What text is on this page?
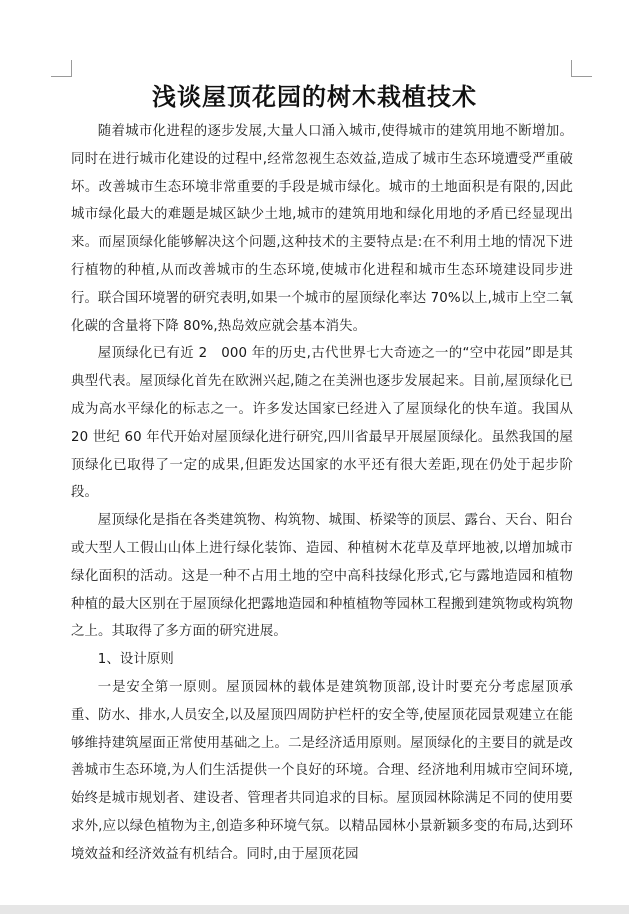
浅谈屋顶花园的树木栽植技术

随着城市化进程的逐步发展,大量人口涌入城市,使得城市的建筑用地不断增加。同时在进行城市化建设的过程中,经常忽视生态效益,造成了城市生态环境遭受严重破坏。改善城市生态环境非常重要的手段是城市绿化。城市的土地面积是有限的,因此城市绿化最大的难题是城区缺少土地,城市的建筑用地和绿化用地的矛盾已经显现出来。而屋顶绿化能够解决这个问题,这种技术的主要特点是:在不利用土地的情况下进行植物的种植,从而改善城市的生态环境,使城市化进程和城市生态环境建设同步进行。联合国环境署的研究表明,如果一个城市的屋顶绿化率达 70%以上,城市上空二氧化碳的含量将下降 80%,热岛效应就会基本消失。

屋顶绿化已有近 2　000 年的历史,古代世界七大奇迹之一的“空中花园”即是其典型代表。屋顶绿化首先在欧洲兴起,随之在美洲也逐步发展起来。目前,屋顶绿化已成为高水平绿化的标志之一。许多发达国家已经进入了屋顶绿化的快车道。我国从 20 世纪 60 年代开始对屋顶绿化进行研究,四川省最早开展屋顶绿化。虽然我国的屋顶绿化已取得了一定的成果,但距发达国家的水平还有很大差距,现在仍处于起步阶段。

屋顶绿化是指在各类建筑物、构筑物、城围、桥梁等的顶层、露台、天台、阳台或大型人工假山山体上进行绿化装饰、造园、种植树木花草及草坪地被,以增加城市绿化面积的活动。这是一种不占用土地的空中高科技绿化形式,它与露地造园和植物种植的最大区别在于屋顶绿化把露地造园和种植植物等园林工程搬到建筑物或构筑物之上。其取得了多方面的研究进展。

1、设计原则

一是安全第一原则。屋顶园林的载体是建筑物顶部,设计时要充分考虑屋顶承重、防水、排水,人员安全,以及屋顶四周防护栏杆的安全等,使屋顶花园景观建立在能够维持建筑屋面正常使用基础之上。二是经济适用原则。屋顶绿化的主要目的就是改善城市生态环境,为人们生活提供一个良好的环境。合理、经济地利用城市空间环境,始终是城市规划者、建设者、管理者共同追求的目标。屋顶园林除满足不同的使用要求外,应以绿色植物为主,创造多种环境气氛。以精品园林小景新颖多变的布局,达到环境效益和经济效益有机结合。同时,由于屋顶花园
